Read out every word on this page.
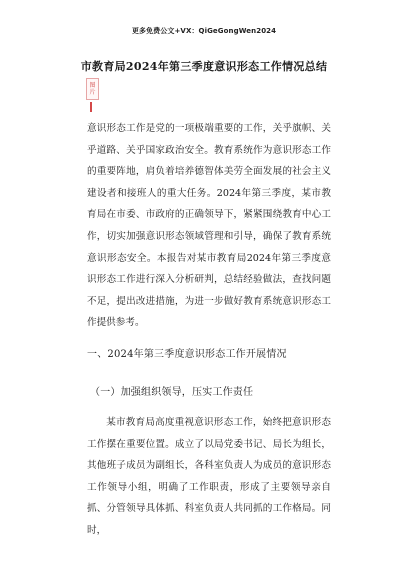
更多免费公文+VX：QiGeGongWen2024
市教育局2024年第三季度意识形态工作情况总结
图片

意识形态工作是党的一项极端重要的工作，关乎旗帜、关乎道路、关乎国家政治安全。教育系统作为意识形态工作的重要阵地，肩负着培养德智体美劳全面发展的社会主义建设者和接班人的重大任务。2024年第三季度，某市教育局在市委、市政府的正确领导下，紧紧围绕教育中心工作，切实加强意识形态领域管理和引导，确保了教育系统意识形态安全。本报告对某市教育局2024年第三季度意识形态工作进行深入分析研判，总结经验做法，查找问题不足，提出改进措施，为进一步做好教育系统意识形态工作提供参考。

一、2024年第三季度意识形态工作开展情况
（一）加强组织领导，压实工作责任

某市教育局高度重视意识形态工作，始终把意识形态工作摆在重要位置。成立了以局党委书记、局长为组长，其他班子成员为副组长，各科室负责人为成员的意识形态工作领导小组，明确了工作职责，形成了主要领导亲自抓、分管领导具体抓、科室负责人共同抓的工作格局。同时，
